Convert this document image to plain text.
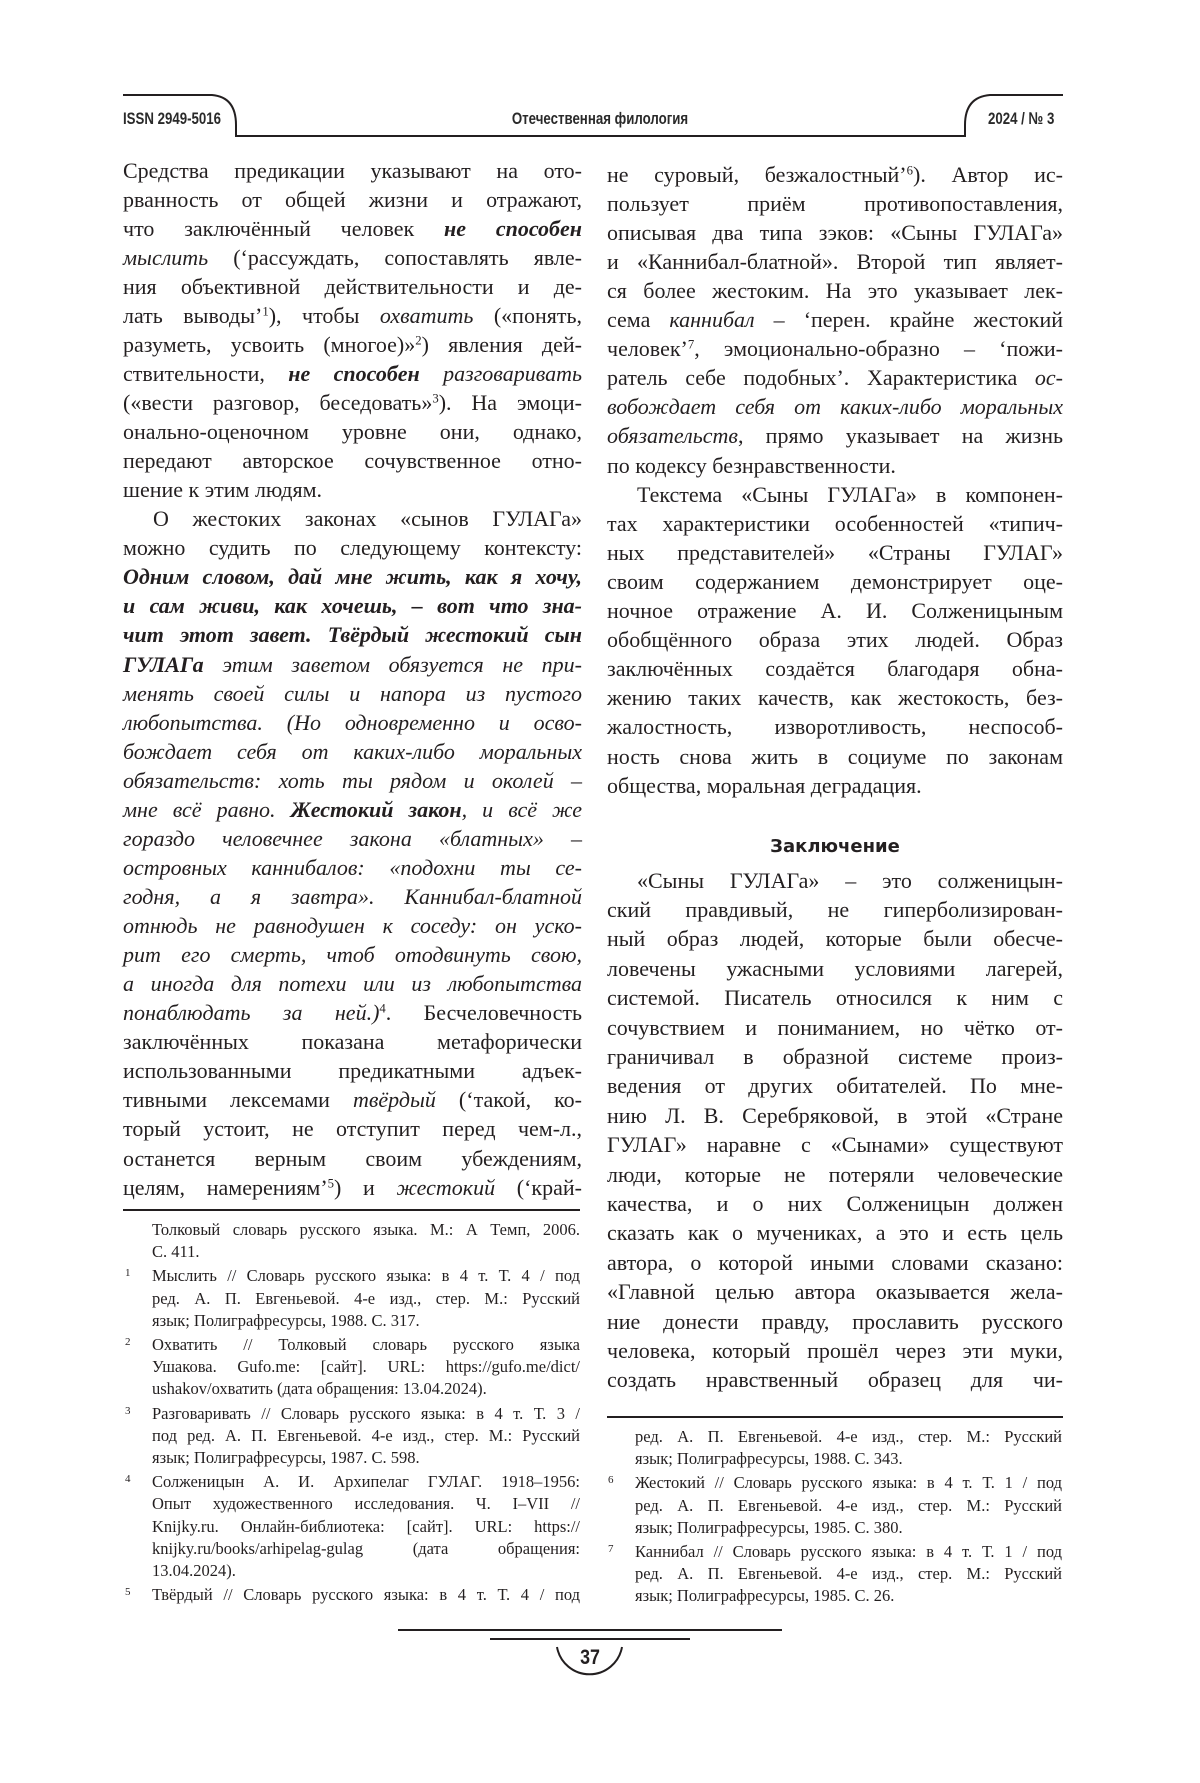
ISSN 2949-5016	Отечественная филология	2024 / № 3
Средства предикации указывают на ото-
рванность от общей жизни и отражают,
что заключённый человек не способен
мыслить (‘рассуждать, сопоставлять явле-
ния объективной действительности и де-
лать выводы’1), чтобы охватить («понять,
разуметь, усвоить (многое)»2) явления дей-
ствительности, не способен разговаривать
(«вести разговор, беседовать»3). На эмоци-
онально-оценочном уровне они, однако,
передают авторское сочувственное отно-
шение к этим людям.
О жестоких законах «сынов ГУЛАГа»
можно судить по следующему контексту:
Одним словом, дай мне жить, как я хочу,
и сам живи, как хочешь, – вот что зна-
чит этот завет. Твёрдый жестокий сын
ГУЛАГа этим заветом обязуется не при-
менять своей силы и напора из пустого
любопытства. (Но одновременно и осво-
бождает себя от каких-либо моральных
обязательств: хоть ты рядом и околей –
мне всё равно. Жестокий закон, и всё же
гораздо человечнее закона «блатных» –
островных каннибалов: «подохни ты се-
годня, а я завтра». Каннибал-блатной
отнюдь не равнодушен к соседу: он уско-
рит его смерть, чтоб отодвинуть свою,
а иногда для потехи или из любопытства
понаблюдать за ней.)4. Бесчеловечность
заключённых показана метафорически
использованными предикатными адъек-
тивными лексемами твёрдый (‘такой, ко-
торый устоит, не отступит перед чем-л.,
останется верным своим убеждениям,
целям, намерениям’5) и жестокий (‘край-
не суровый, безжалостный’6). Автор ис-
пользует приём противопоставления,
описывая два типа зэков: «Сыны ГУЛАГа»
и «Каннибал-блатной». Второй тип являет-
ся более жестоким. На это указывает лек-
сема каннибал – ‘перен. крайне жестокий
человек’7, эмоционально-образно – ‘пожи-
ратель себе подобных’. Характеристика ос-
вобождает себя от каких-либо моральных
обязательств, прямо указывает на жизнь
по кодексу безнравственности.
Текстема «Сыны ГУЛАГа» в компонен-
тах характеристики особенностей «типич-
ных представителей» «Страны ГУЛАГ»
своим содержанием демонстрирует оце-
ночное отражение А. И. Солженицыным
обобщённого образа этих людей. Образ
заключённых создаётся благодаря обна-
жению таких качеств, как жестокость, без-
жалостность, изворотливость, неспособ-
ность снова жить в социуме по законам
общества, моральная деградация.
Заключение
«Сыны ГУЛАГа» – это солженицын-
ский правдивый, не гиперболизирован-
ный образ людей, которые были обесче-
ловечены ужасными условиями лагерей,
системой. Писатель относился к ним с
сочувствием и пониманием, но чётко от-
граничивал в образной системе произ-
ведения от других обитателей. По мне-
нию Л. В. Серебряковой, в этой «Стране
ГУЛАГ» наравне с «Сынами» существуют
люди, которые не потеряли человеческие
качества, и о них Солженицын должен
сказать как о мучениках, а это и есть цель
автора, о которой иными словами сказано:
«Главной целью автора оказывается жела-
ние донести правду, прославить русского
человека, который прошёл через эти муки,
создать нравственный образец для чи-
Толковый словарь русского языка. М.: А Темп, 2006.
С. 411.
1 Мыслить // Словарь русского языка: в 4 т. Т. 4 / под
ред. А. П. Евгеньевой. 4-е изд., стер. М.: Русский
язык; Полиграфресурсы, 1988. С. 317.
2 Охватить // Толковый словарь русского языка
Ушакова. Gufo.me: [сайт]. URL: https://gufo.me/dict/
ushakov/охватить (дата обращения: 13.04.2024).
3 Разговаривать // Словарь русского языка: в 4 т. Т. 3 /
под ред. А. П. Евгеньевой. 4-е изд., стер. М.: Русский
язык; Полиграфресурсы, 1987. С. 598.
4 Солженицын А. И. Архипелаг ГУЛАГ. 1918–1956:
Опыт художественного исследования. Ч. I–VII //
Knijky.ru. Онлайн-библиотека: [сайт]. URL: https://
knijky.ru/books/arhipelag-gulag (дата обращения:
13.04.2024).
5 Твёрдый // Словарь русского языка: в 4 т. Т. 4 / под
ред. А. П. Евгеньевой. 4-е изд., стер. М.: Русский
язык; Полиграфресурсы, 1988. С. 343.
6 Жестокий // Словарь русского языка: в 4 т. Т. 1 / под
ред. А. П. Евгеньевой. 4-е изд., стер. М.: Русский
язык; Полиграфресурсы, 1985. С. 380.
7 Каннибал // Словарь русского языка: в 4 т. Т. 1 / под
ред. А. П. Евгеньевой. 4-е изд., стер. М.: Русский
язык; Полиграфресурсы, 1985. С. 26.
37
